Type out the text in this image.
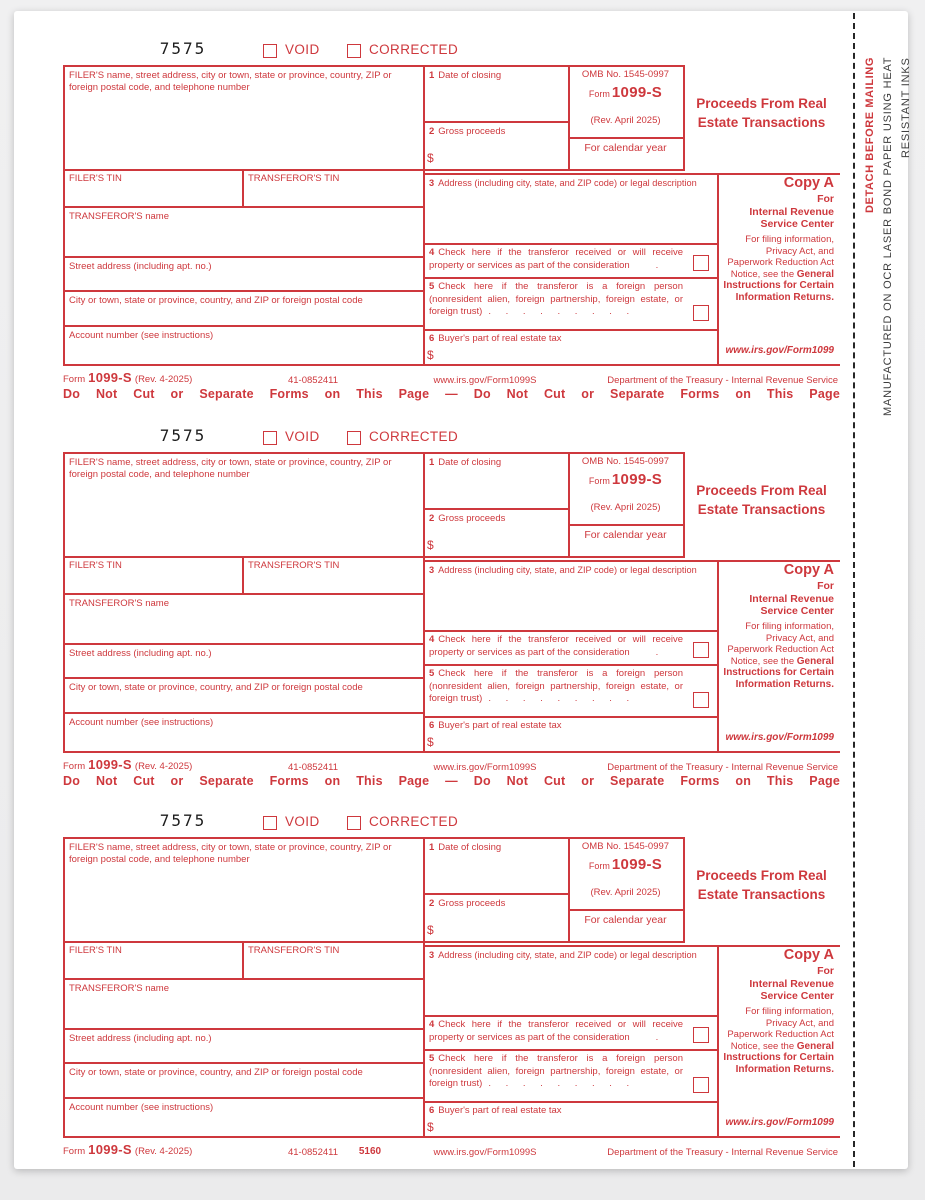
DETACH BEFORE MAILING MANUFACTURED ON OCR LASER BOND PAPER USING HEAT RESISTANT INKS
7575	VOID	CORRECTED
FILER'S name, street address, city or town, state or province, country, ZIP or foreign postal code, and telephone number
FILER'S TIN	TRANSFEROR'S TIN
TRANSFEROR'S name
Street address (including apt. no.)
City or town, state or province, country, and ZIP or foreign postal code
Account number (see instructions)
1 Date of closing
2 Gross proceeds
$
OMB No. 1545-0997
Form 1099-S
(Rev. April 2025)
For calendar year
Proceeds From Real Estate Transactions
3 Address (including city, state, and ZIP code) or legal description
4 Check here if the transferor received or will receive property or services as part of the consideration	.
5 Check here if the transferor is a foreign person (nonresident alien, foreign partnership, foreign estate, or foreign trust) . . . . . . . . .
6 Buyer's part of real estate tax
$
Copy A
For
Internal Revenue
Service Center
For filing information, Privacy Act, and Paperwork Reduction Act Notice, see the General Instructions for Certain Information Returns.
www.irs.gov/Form1099
Form 1099-S (Rev. 4-2025)	41-0852411	www.irs.gov/Form1099S	Department of the Treasury - Internal Revenue Service
Do Not Cut or Separate Forms on This Page — Do Not Cut or Separate Forms on This Page
7575	VOID	CORRECTED
FILER'S name, street address, city or town, state or province, country, ZIP or foreign postal code, and telephone number
FILER'S TIN	TRANSFEROR'S TIN
TRANSFEROR'S name
Street address (including apt. no.)
City or town, state or province, country, and ZIP or foreign postal code
Account number (see instructions)
1 Date of closing
2 Gross proceeds
$
OMB No. 1545-0997
Form 1099-S
(Rev. April 2025)
For calendar year
Proceeds From Real Estate Transactions
3 Address (including city, state, and ZIP code) or legal description
4 Check here if the transferor received or will receive property or services as part of the consideration	.
5 Check here if the transferor is a foreign person (nonresident alien, foreign partnership, foreign estate, or foreign trust) . . . . . . . . .
6 Buyer's part of real estate tax
$
Copy A
For
Internal Revenue
Service Center
For filing information, Privacy Act, and Paperwork Reduction Act Notice, see the General Instructions for Certain Information Returns.
www.irs.gov/Form1099
Form 1099-S (Rev. 4-2025)	41-0852411	www.irs.gov/Form1099S	Department of the Treasury - Internal Revenue Service
Do Not Cut or Separate Forms on This Page — Do Not Cut or Separate Forms on This Page
7575	VOID	CORRECTED
FILER'S name, street address, city or town, state or province, country, ZIP or foreign postal code, and telephone number
FILER'S TIN	TRANSFEROR'S TIN
TRANSFEROR'S name
Street address (including apt. no.)
City or town, state or province, country, and ZIP or foreign postal code
Account number (see instructions)
1 Date of closing
2 Gross proceeds
$
OMB No. 1545-0997
Form 1099-S
(Rev. April 2025)
For calendar year
Proceeds From Real Estate Transactions
3 Address (including city, state, and ZIP code) or legal description
4 Check here if the transferor received or will receive property or services as part of the consideration	.
5 Check here if the transferor is a foreign person (nonresident alien, foreign partnership, foreign estate, or foreign trust) . . . . . . . . .
6 Buyer's part of real estate tax
$
Copy A
For
Internal Revenue
Service Center
For filing information, Privacy Act, and Paperwork Reduction Act Notice, see the General Instructions for Certain Information Returns.
www.irs.gov/Form1099
Form 1099-S (Rev. 4-2025)	41-0852411	5160	www.irs.gov/Form1099S	Department of the Treasury - Internal Revenue Service
